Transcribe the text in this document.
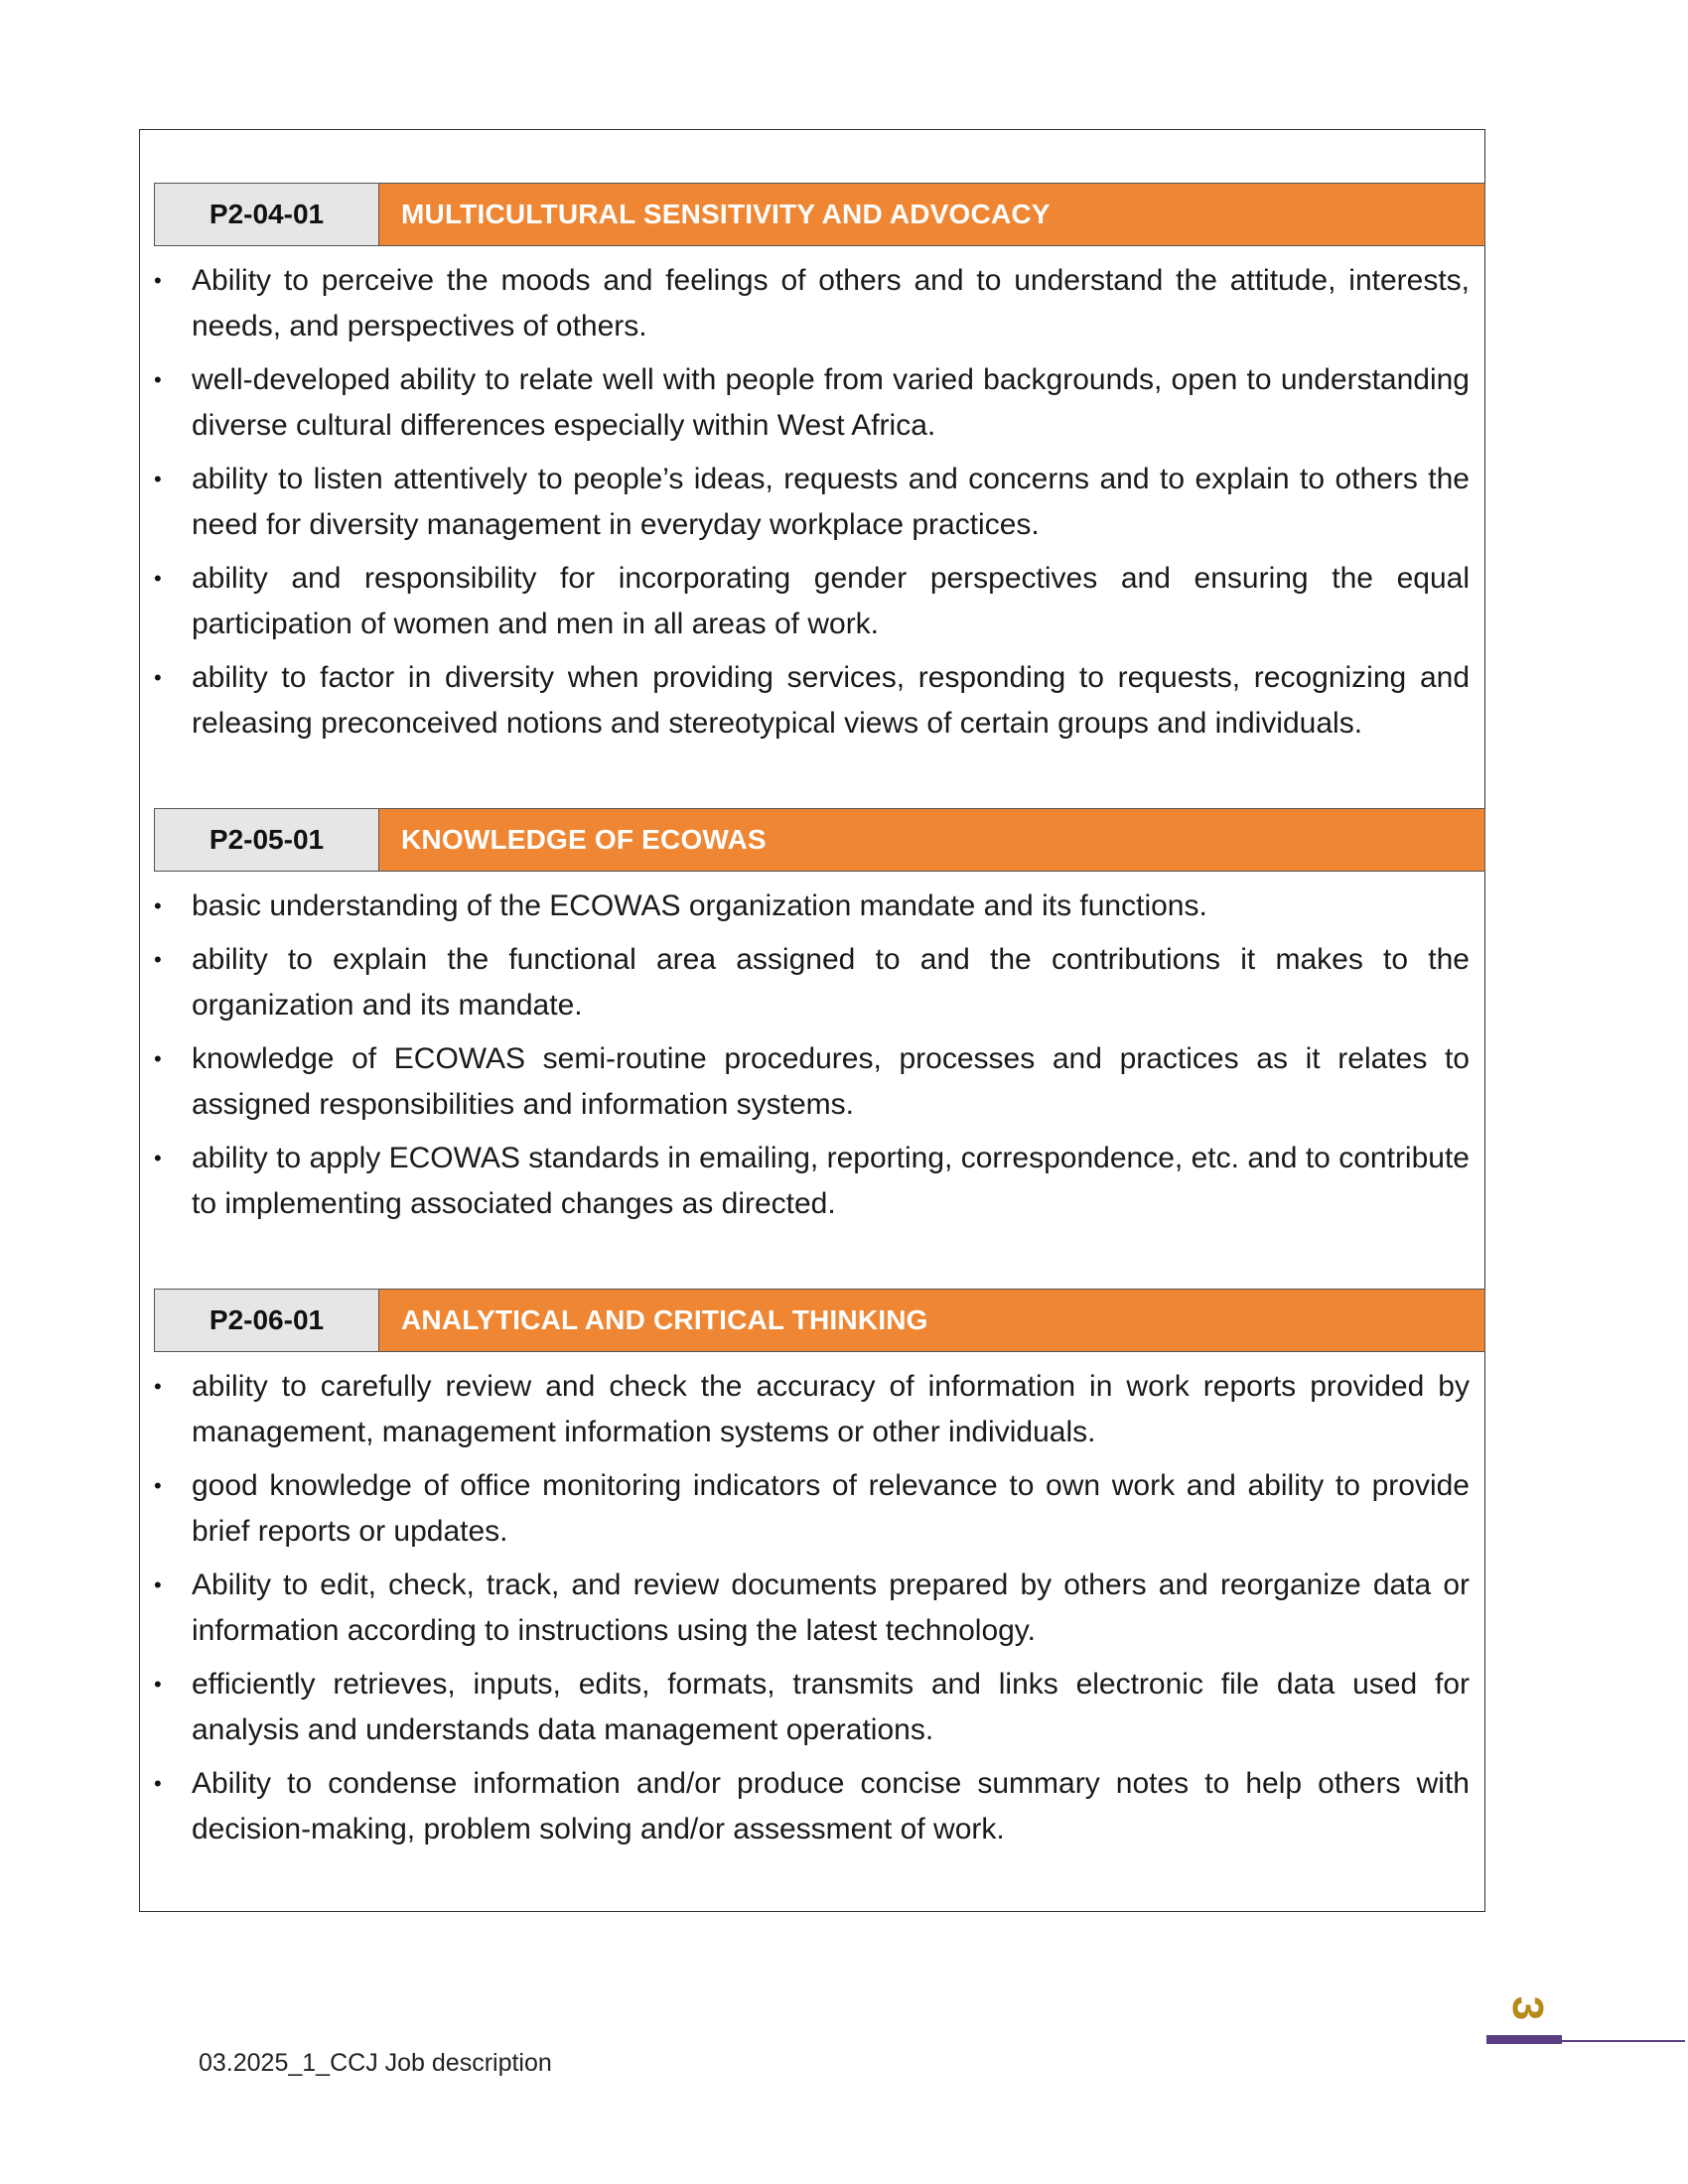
P2-04-01	MULTICULTURAL SENSITIVITY AND ADVOCACY
• Ability to perceive the moods and feelings of others and to understand the attitude, interests, needs, and perspectives of others.
• well-developed ability to relate well with people from varied backgrounds, open to understanding diverse cultural differences especially within West Africa.
• ability to listen attentively to people’s ideas, requests and concerns and to explain to others the need for diversity management in everyday workplace practices.
• ability and responsibility for incorporating gender perspectives and ensuring the equal participation of women and men in all areas of work.
• ability to factor in diversity when providing services, responding to requests, recognizing and releasing preconceived notions and stereotypical views of certain groups and individuals.
P2-05-01	KNOWLEDGE OF ECOWAS
• basic understanding of the ECOWAS organization mandate and its functions.
• ability to explain the functional area assigned to and the contributions it makes to the organization and its mandate.
• knowledge of ECOWAS semi-routine procedures, processes and practices as it relates to assigned responsibilities and information systems.
• ability to apply ECOWAS standards in emailing, reporting, correspondence, etc. and to contribute to implementing associated changes as directed.
P2-06-01	ANALYTICAL AND CRITICAL THINKING
• ability to carefully review and check the accuracy of information in work reports provided by management, management information systems or other individuals.
• good knowledge of office monitoring indicators of relevance to own work and ability to provide brief reports or updates.
• Ability to edit, check, track, and review documents prepared by others and reorganize data or information according to instructions using the latest technology.
• efficiently retrieves, inputs, edits, formats, transmits and links electronic file data used for analysis and understands data management operations.
• Ability to condense information and/or produce concise summary notes to help others with decision-making, problem solving and/or assessment of work.
3
03.2025_1_CCJ Job description
